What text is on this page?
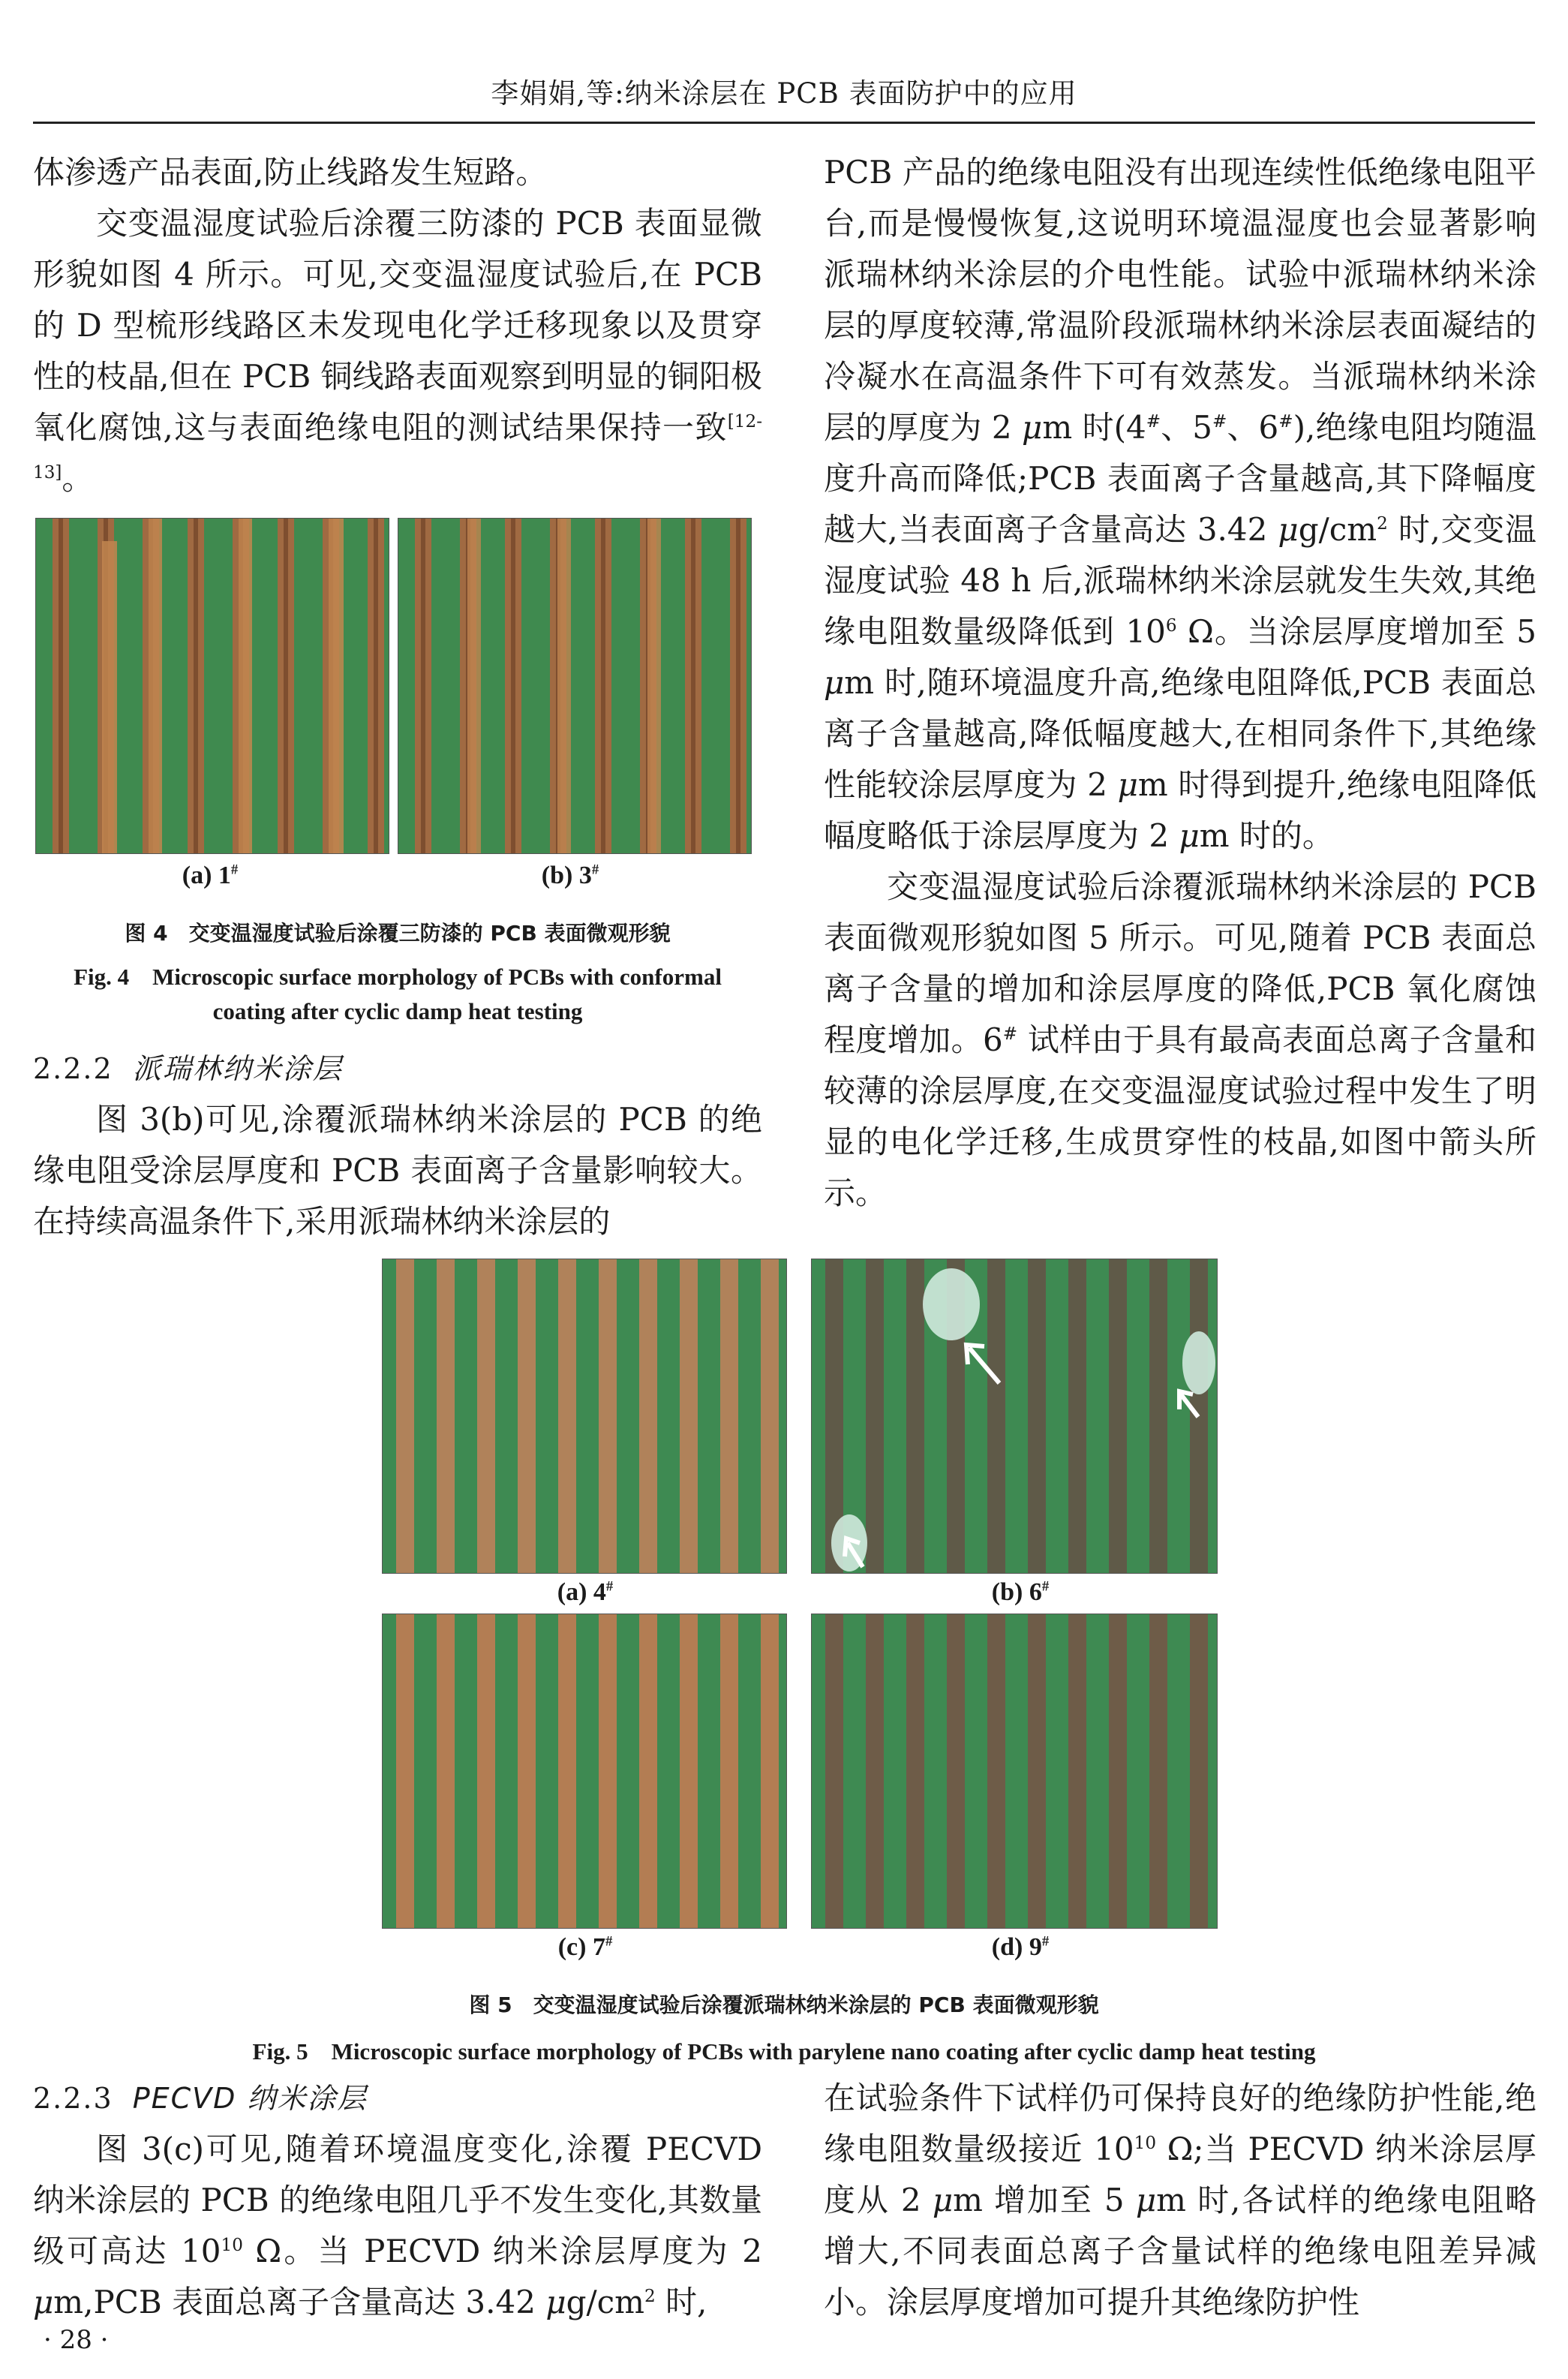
李娟娟,等:纳米涂层在 PCB 表面防护中的应用

体渗透产品表面,防止线路发生短路。

交变温湿度试验后涂覆三防漆的 PCB 表面显微形貌如图 4 所示。可见,交变温湿度试验后,在 PCB 的 D 型梳形线路区未发现电化学迁移现象以及贯穿性的枝晶,但在 PCB 铜线路表面观察到明显的铜阳极氧化腐蚀,这与表面绝缘电阻的测试结果保持一致[12-13]。

(a) 1#	(b) 3#
图 4　交变温湿度试验后涂覆三防漆的 PCB 表面微观形貌
Fig. 4　Microscopic surface morphology of PCBs with conformal
coating after cyclic damp heat testing

2.2.2 派瑞林纳米涂层

图 3(b)可见,涂覆派瑞林纳米涂层的 PCB 的绝缘电阻受涂层厚度和 PCB 表面离子含量影响较大。在持续高温条件下,采用派瑞林纳米涂层的

PCB 产品的绝缘电阻没有出现连续性低绝缘电阻平台,而是慢慢恢复,这说明环境温湿度也会显著影响派瑞林纳米涂层的介电性能。试验中派瑞林纳米涂层的厚度较薄,常温阶段派瑞林纳米涂层表面凝结的冷凝水在高温条件下可有效蒸发。当派瑞林纳米涂层的厚度为 2 μm 时(4#、5#、6#),绝缘电阻均随温度升高而降低;PCB 表面离子含量越高,其下降幅度越大,当表面离子含量高达 3.42 $\mu g/cm^2$ 时,交变温湿度试验 48 h 后,派瑞林纳米涂层就发生失效,其绝缘电阻数量级降低到 $10^6$ Ω。当涂层厚度增加至 5 μm 时,随环境温度升高,绝缘电阻降低,PCB 表面总离子含量越高,降低幅度越大,在相同条件下,其绝缘性能较涂层厚度为 2 μm 时得到提升,绝缘电阻降低幅度略低于涂层厚度为 2 μm 时的。

交变温湿度试验后涂覆派瑞林纳米涂层的 PCB 表面微观形貌如图 5 所示。可见,随着 PCB 表面总离子含量的增加和涂层厚度的降低,PCB 氧化腐蚀程度增加。6# 试样由于具有最高表面总离子含量和较薄的涂层厚度,在交变温湿度试验过程中发生了明显的电化学迁移,生成贯穿性的枝晶,如图中箭头所示。

(a) 4#	(b) 6#
(c) 7#	(d) 9#
图 5　交变温湿度试验后涂覆派瑞林纳米涂层的 PCB 表面微观形貌
Fig. 5　Microscopic surface morphology of PCBs with parylene nano coating after cyclic damp heat testing

2.2.3 PECVD 纳米涂层

图 3(c)可见,随着环境温度变化,涂覆 PECVD 纳米涂层的 PCB 的绝缘电阻几乎不发生变化,其数量级可高达 $10^{10}$ Ω。当 PECVD 纳米涂层厚度为 2 μm,PCB 表面总离子含量高达 3.42 $\mu g/cm^2$ 时,

在试验条件下试样仍可保持良好的绝缘防护性能,绝缘电阻数量级接近 $10^{10}$ Ω;当 PECVD 纳米涂层厚度从 2 μm 增加至 5 μm 时,各试样的绝缘电阻略增大,不同表面总离子含量试样的绝缘电阻差异减小。涂层厚度增加可提升其绝缘防护性

· 28 ·
